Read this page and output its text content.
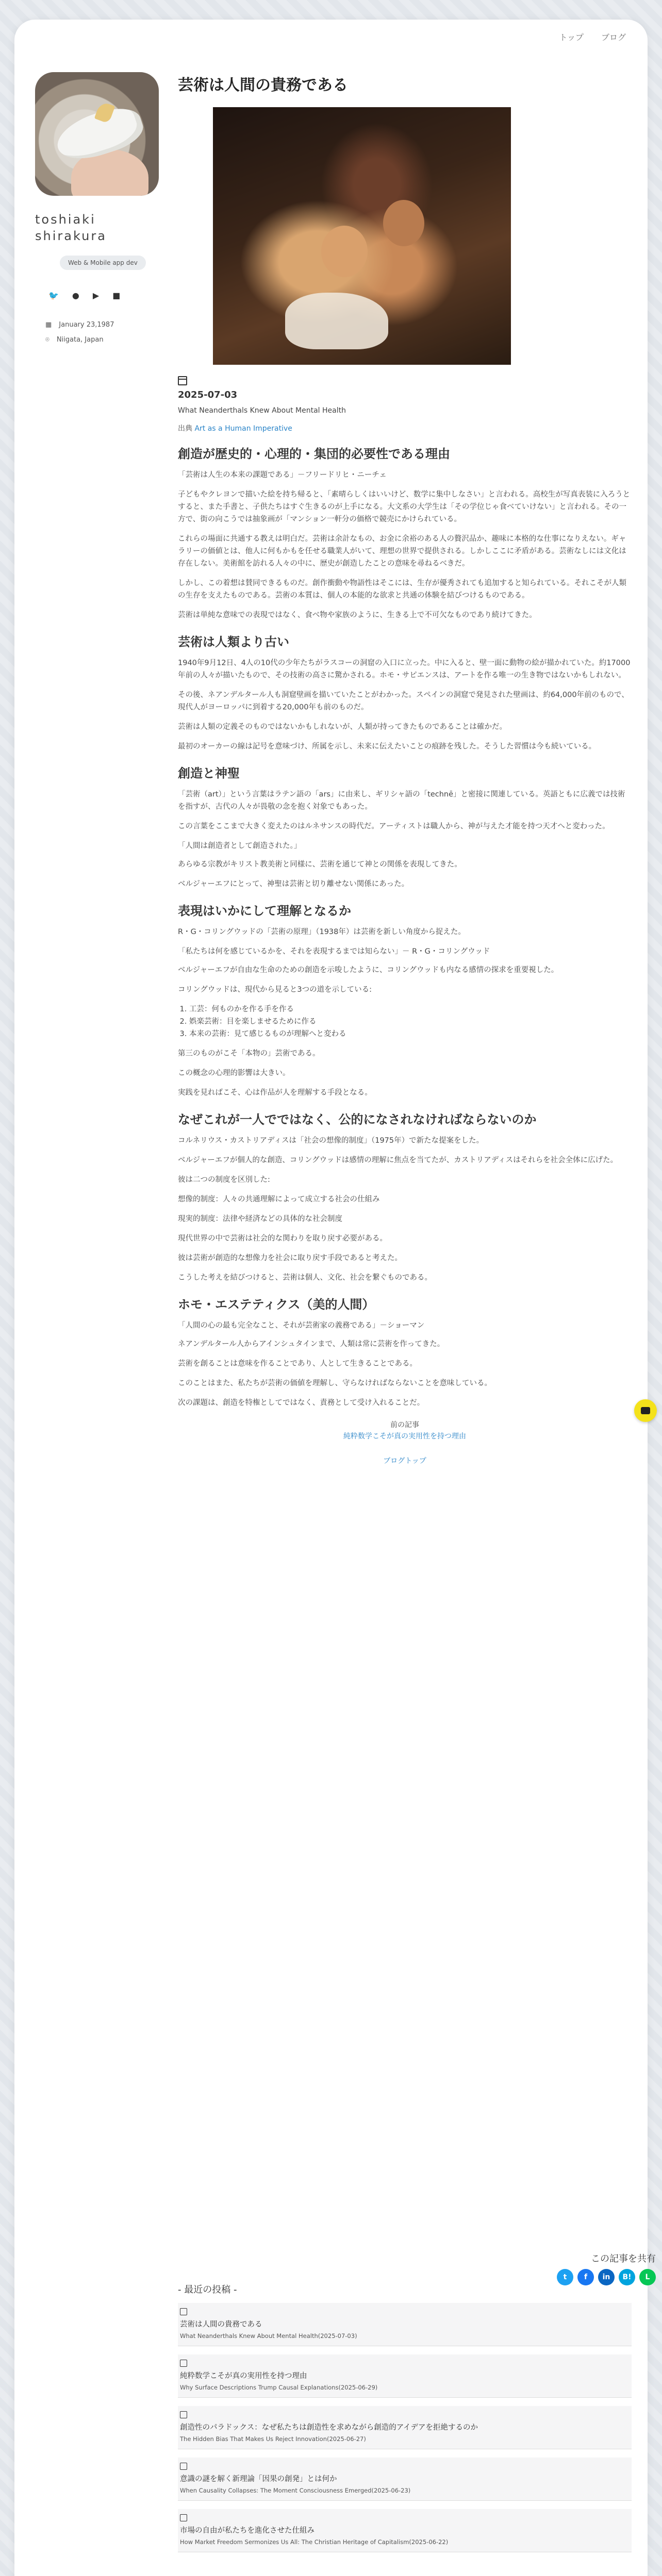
トップ ブログ
toshiaki
shirakura
Web & Mobile app dev
🐦 ● ▶ ■
▦ January 23,1987
⌾ Niigata, Japan
芸術は人間の貴務である
2025-07-03
What Neanderthals Knew About Mental Health
出典 Art as a Human Imperative
創造が歴史的・心理的・集団的必要性である理由

「芸術は人生の本来の課題である」－フリードリヒ・ニーチェ

子どもやクレヨンで描いた絵を持ち帰ると、「素晴らしくはいいけど、数学に集中しなさい」と言われる。高校生が写真表装に入ろうとすると、また手書と、子供たちはすぐ生きるのが上手になる。大文系の大学生は「その学位じゃ食べていけない」と言われる。その一方で、街の向こうでは抽象画が「マンション一軒分の価格で競売にかけられている。

これらの場面に共通する教えは明白だ。芸術は余計なもの、お金に余裕のある人の贅沢品か、趣味に本格的な仕事になりえない。ギャラリーの価値とは、他人に何もかもを任せる職業人がいて、理想の世界で提供される。しかしここに矛盾がある。芸術なしには文化は存在しない。美術館を訪れる人々の中に、歴史が創造したことの意味を尋ねるべきだ。

しかし、この着想は賛同できるものだ。創作衝動や物語性はそこには、生存が優秀されても追加すると知られている。それこそが人類の生存を支えたものである。芸術の本質は、個人の本能的な欲求と共通の体験を結びつけるものである。

芸術は単純な意味での表現ではなく、食べ物や家族のように、生きる上で不可欠なものであり続けてきた。

芸術は人類より古い

1940年9月12日、4人の10代の少年たちがラスコーの洞窟の入口に立った。中に入ると、壁一面に動物の絵が描かれていた。約17000年前の人々が描いたもので、その技術の高さに驚かされる。ホモ・サピエンスは、アートを作る唯一の生き物ではないかもしれない。

その後、ネアンデルタール人も洞窟壁画を描いていたことがわかった。スペインの洞窟で発見された壁画は、約64,000年前のもので、現代人がヨーロッパに到着する20,000年も前のものだ。

芸術は人類の定義そのものではないかもしれないが、人類が持ってきたものであることは確かだ。

最初のオーカーの線は記号を意味づけ、所属を示し、未来に伝えたいことの痕跡を残した。そうした習慣は今も続いている。

創造と神聖

「芸術（art）」という言葉はラテン語の「ars」に由来し、ギリシャ語の「technē」と密接に関連している。英語ともに広義では技術を指すが、古代の人々が畏敬の念を抱く対象でもあった。

この言葉をここまで大きく変えたのはルネサンスの時代だ。アーティストは職人から、神が与えた才能を持つ天才へと変わった。

「人間は創造者として創造された。」

あらゆる宗教がキリスト教美術と同様に、芸術を通じて神との関係を表現してきた。

ベルジャーエフにとって、神聖は芸術と切り離せない関係にあった。

表現はいかにして理解となるか

R・G・コリングウッドの「芸術の原理」（1938年）は芸術を新しい角度から捉えた。

「私たちは何を感じているかを、それを表現するまでは知らない」－ R・G・コリングウッド

ベルジャーエフが自由な生命のための創造を示唆したように、コリングウッドも内なる感情の探求を重要視した。

コリングウッドは、現代から見ると3つの道を示している:

1. 工芸：何ものかを作る手を作る
2. 娯楽芸術：目を楽しませるために作る
3. 本来の芸術：見て感じるものが理解へと変わる

第三のものがこそ「本物の」芸術である。

この概念の心理的影響は大きい。

実践を見ればこそ、心は作品が人を理解する手段となる。

なぜこれが一人でではなく、公的になされなければならないのか

コルネリウス・カストリアディスは「社会の想像的制度」（1975年）で新たな提案をした。

ベルジャーエフが個人的な創造、コリングウッドは感情の理解に焦点を当てたが、カストリアディスはそれらを社会全体に広げた。

彼は二つの制度を区別した:

想像的制度：人々の共通理解によって成立する社会の仕組み

現実的制度：法律や経済などの具体的な社会制度

現代世界の中で芸術は社会的な関わりを取り戻す必要がある。

彼は芸術が創造的な想像力を社会に取り戻す手段であると考えた。

こうした考えを結びつけると、芸術は個人、文化、社会を繋ぐものである。

ホモ・エステティクス（美的人間）

「人間の心の最も完全なこと、それが芸術家の義務である」－ショーマン

ネアンデルタール人からアインシュタインまで、人類は常に芸術を作ってきた。

芸術を創ることは意味を作ることであり、人として生きることである。

このことはまた、私たちが芸術の価値を理解し、守らなければならないことを意味している。

次の課題は、創造を特権としてではなく、責務として受け入れることだ。

前の記事
純粋数学こそが真の実用性を持つ理由
ブログトップ
この記事を共有
t	f	in	B!	L
- 最近の投稿 -
芸術は人間の貴務である
What Neanderthals Knew About Mental Health(2025-07-03)
純粋数学こそが真の実用性を持つ理由
Why Surface Descriptions Trump Causal Explanations(2025-06-29)
創造性のパラドックス：なぜ私たちは創造性を求めながら創造的アイデアを拒絶するのか
The Hidden Bias That Makes Us Reject Innovation(2025-06-27)
意識の謎を解く新理論「因果の創発」とは何か
When Causality Collapses: The Moment Consciousness Emerged(2025-06-23)
市場の自由が私たちを進化させた仕組み
How Market Freedom Sermonizes Us All: The Christian Heritage of Capitalism(2025-06-22)
